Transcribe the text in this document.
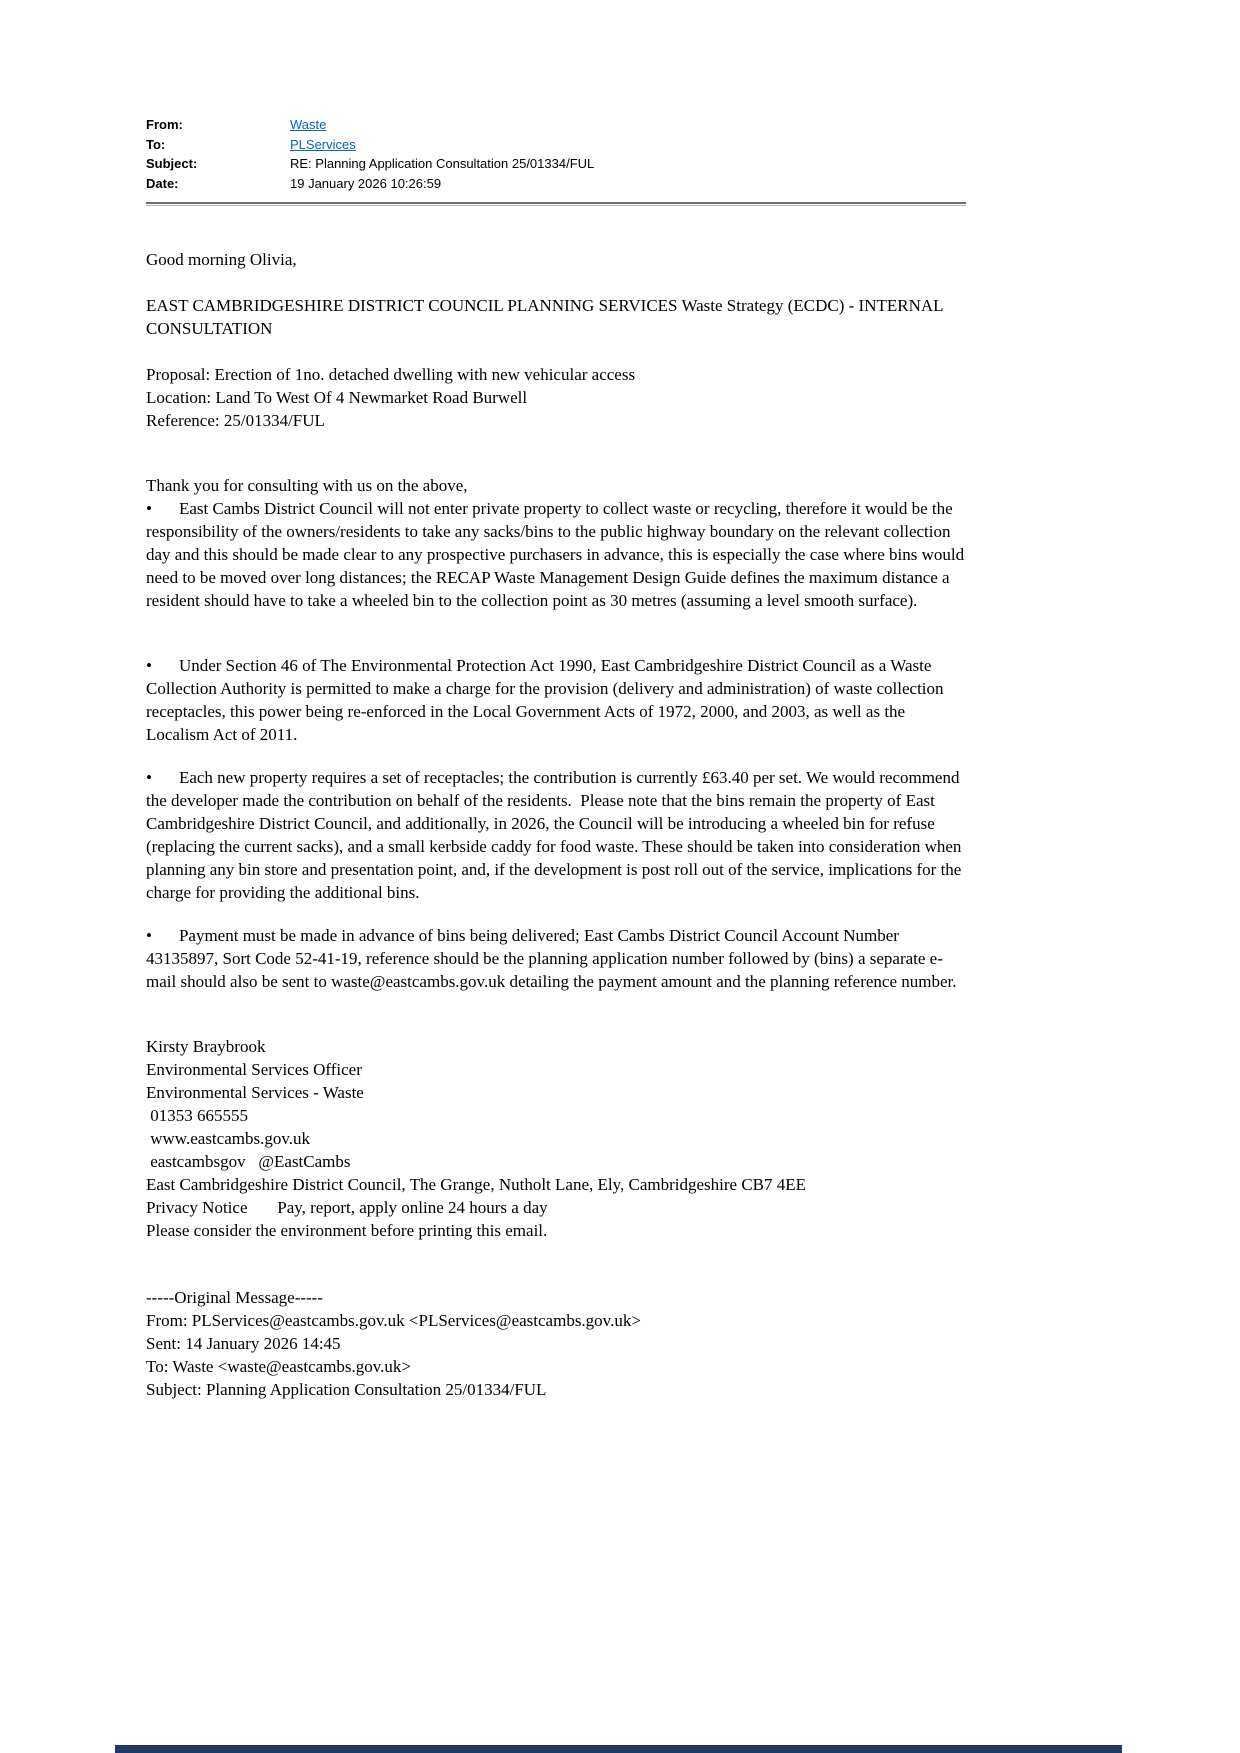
From:	Waste
To:	PLServices
Subject:	RE: Planning Application Consultation 25/01334/FUL
Date:	19 January 2026 10:26:59
Good morning Olivia,
EAST CAMBRIDGESHIRE DISTRICT COUNCIL PLANNING SERVICES Waste Strategy (ECDC) - INTERNAL CONSULTATION
Proposal: Erection of 1no. detached dwelling with new vehicular access
Location: Land To West Of 4 Newmarket Road Burwell
Reference: 25/01334/FUL
Thank you for consulting with us on the above,
• East Cambs District Council will not enter private property to collect waste or recycling, therefore it would be the responsibility of the owners/residents to take any sacks/bins to the public highway boundary on the relevant collection day and this should be made clear to any prospective purchasers in advance, this is especially the case where bins would need to be moved over long distances; the RECAP Waste Management Design Guide defines the maximum distance a resident should have to take a wheeled bin to the collection point as 30 metres (assuming a level smooth surface).
• Under Section 46 of The Environmental Protection Act 1990, East Cambridgeshire District Council as a Waste Collection Authority is permitted to make a charge for the provision (delivery and administration) of waste collection receptacles, this power being re-enforced in the Local Government Acts of 1972, 2000, and 2003, as well as the Localism Act of 2011.
• Each new property requires a set of receptacles; the contribution is currently £63.40 per set. We would recommend the developer made the contribution on behalf of the residents.  Please note that the bins remain the property of East Cambridgeshire District Council, and additionally, in 2026, the Council will be introducing a wheeled bin for refuse (replacing the current sacks), and a small kerbside caddy for food waste. These should be taken into consideration when planning any bin store and presentation point, and, if the development is post roll out of the service, implications for the charge for providing the additional bins.
• Payment must be made in advance of bins being delivered; East Cambs District Council Account Number 43135897, Sort Code 52-41-19, reference should be the planning application number followed by (bins) a separate e-mail should also be sent to waste@eastcambs.gov.uk detailing the payment amount and the planning reference number.
Kirsty Braybrook
Environmental Services Officer
Environmental Services - Waste
01353 665555
www.eastcambs.gov.uk
eastcambsgov   @EastCambs
East Cambridgeshire District Council, The Grange, Nutholt Lane, Ely, Cambridgeshire CB7 4EE
Privacy Notice       Pay, report, apply online 24 hours a day
Please consider the environment before printing this email.
-----Original Message-----
From: PLServices@eastcambs.gov.uk <PLServices@eastcambs.gov.uk>
Sent: 14 January 2026 14:45
To: Waste <waste@eastcambs.gov.uk>
Subject: Planning Application Consultation 25/01334/FUL
